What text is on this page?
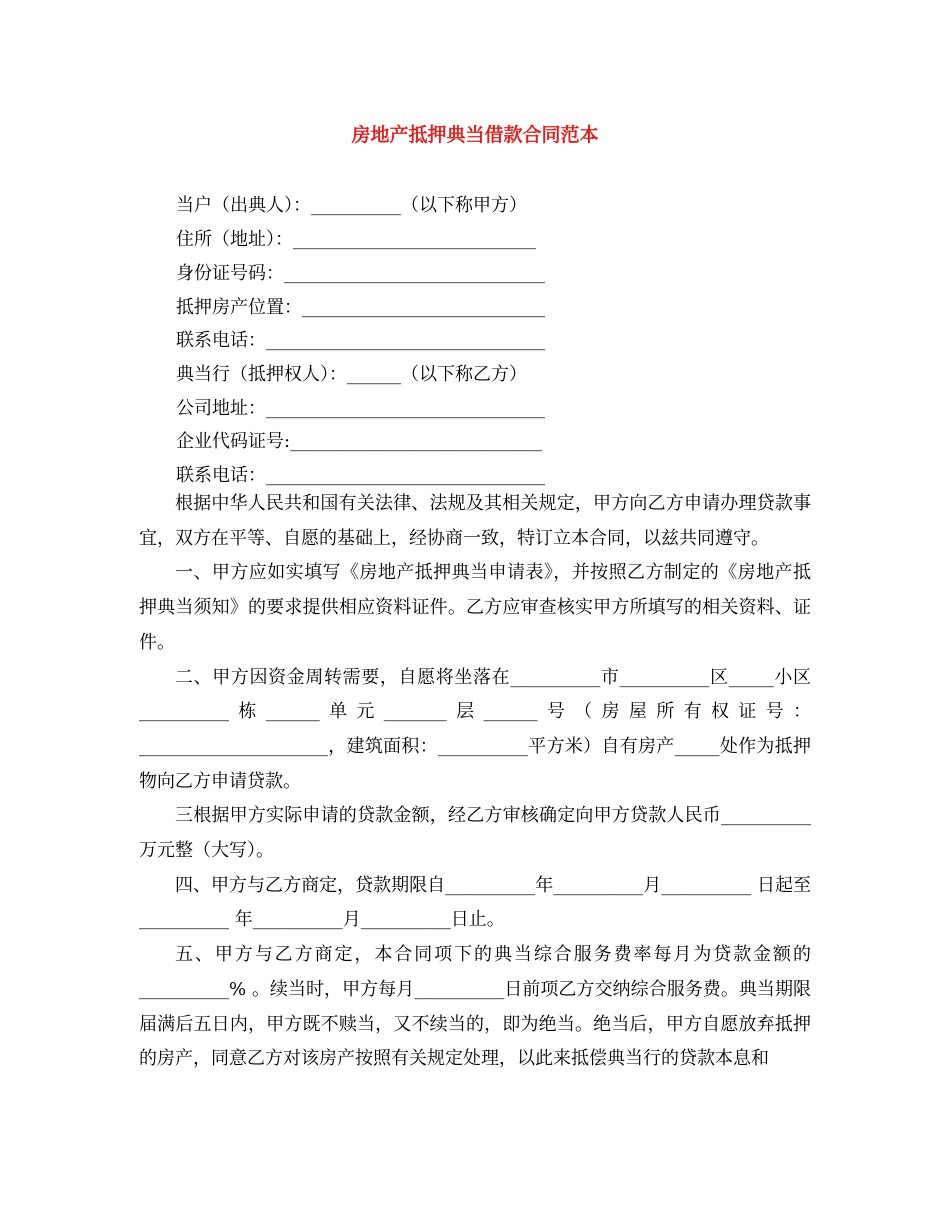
房地产抵押典当借款合同范本
当户（出典人）：__________（以下称甲方）
住所（地址）：___________________________
身份证号码：_____________________________
抵押房产位置：___________________________
联系电话：_______________________________
典当行（抵押权人）：______（以下称乙方）
公司地址：_______________________________
企业代码证号:____________________________
联系电话：_______________________________

根据中华人民共和国有关法律、法规及其相关规定，甲方向乙方申请办理贷款事宜，双方在平等、自愿的基础上，经协商一致，特订立本合同，以兹共同遵守。

一、甲方应如实填写《房地产抵押典当申请表》，并按照乙方制定的《房地产抵押典当须知》的要求提供相应资料证件。乙方应审查核实甲方所填写的相关资料、证件。

二、甲方因资金周转需要，自愿将坐落在__________市__________区_____小区__________栋______单元_______层______号（房屋所有权证号：_____________________，建筑面积：__________平方米）自有房产_____处作为抵押物向乙方申请贷款。

三根据甲方实际申请的贷款金额，经乙方审核确定向甲方贷款人民币__________万元整（大写）。

四、甲方与乙方商定，贷款期限自__________年__________月__________ 日起至__________ 年__________月__________日止。

五、甲方与乙方商定，本合同项下的典当综合服务费率每月为贷款金额的__________% 。续当时，甲方每月__________日前项乙方交纳综合服务费。典当期限届满后五日内，甲方既不赎当，又不续当的，即为绝当。绝当后，甲方自愿放弃抵押的房产，同意乙方对该房产按照有关规定处理，以此来抵偿典当行的贷款本息和
